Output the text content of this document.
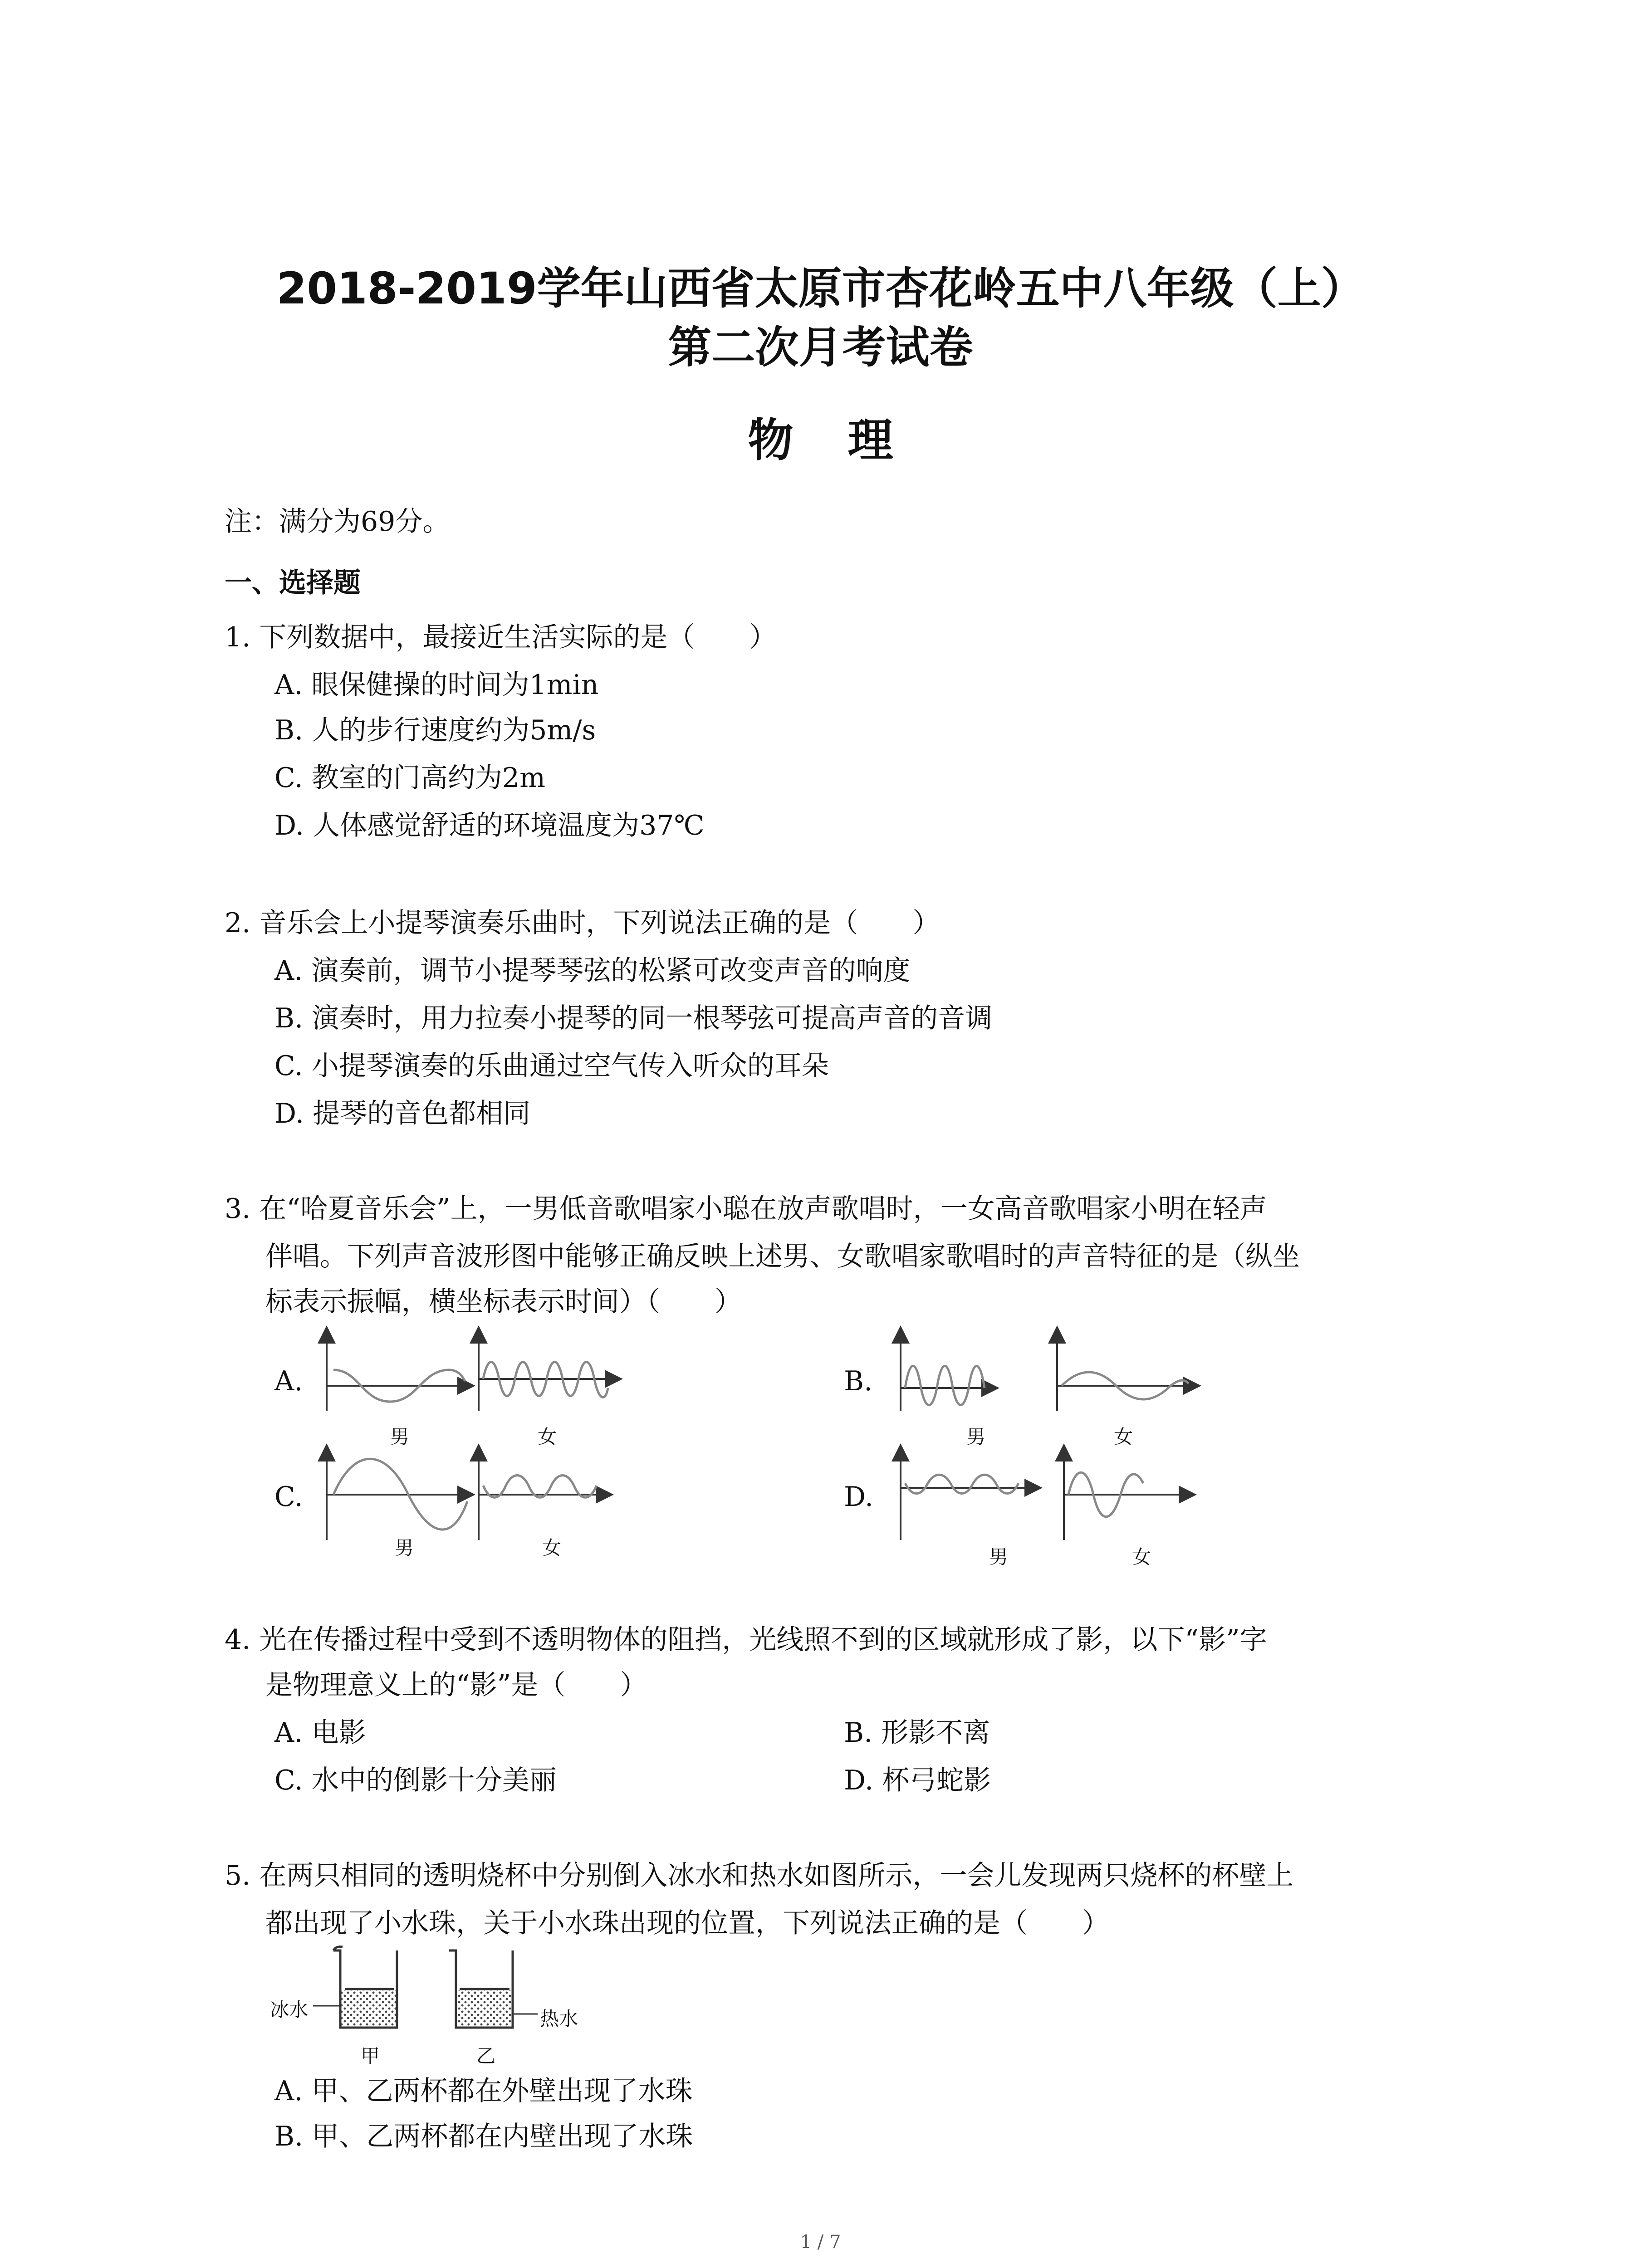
2018-2019学年山西省太原市杏花岭五中八年级（上）
第二次月考试卷
物理
注：满分为69分。
一、选择题
1. 下列数据中，最接近生活实际的是（　　）
A. 眼保健操的时间为1min
B. 人的步行速度约为5m/s
C. 教室的门高约为2m
D. 人体感觉舒适的环境温度为37℃
2. 音乐会上小提琴演奏乐曲时，下列说法正确的是（　　）
A. 演奏前，调节小提琴琴弦的松紧可改变声音的响度
B. 演奏时，用力拉奏小提琴的同一根琴弦可提高声音的音调
C. 小提琴演奏的乐曲通过空气传入听众的耳朵
D. 提琴的音色都相同
3. 在“哈夏音乐会”上，一男低音歌唱家小聪在放声歌唱时，一女高音歌唱家小明在轻声
伴唱。下列声音波形图中能够正确反映上述男、女歌唱家歌唱时的声音特征的是（纵坐
标表示振幅，横坐标表示时间）（　　）
A.	B.
C.	D.
男	女	男	女
男	女	男	女
4. 光在传播过程中受到不透明物体的阻挡，光线照不到的区域就形成了影，以下“影”字
是物理意义上的“影”是（　　）
A. 电影	B. 形影不离
C. 水中的倒影十分美丽	D. 杯弓蛇影
5. 在两只相同的透明烧杯中分别倒入冰水和热水如图所示，一会儿发现两只烧杯的杯壁上
都出现了小水珠，关于小水珠出现的位置，下列说法正确的是（　　）
冰水	热水
甲	乙
A. 甲、乙两杯都在外壁出现了水珠
B. 甲、乙两杯都在内壁出现了水珠
1 / 7
